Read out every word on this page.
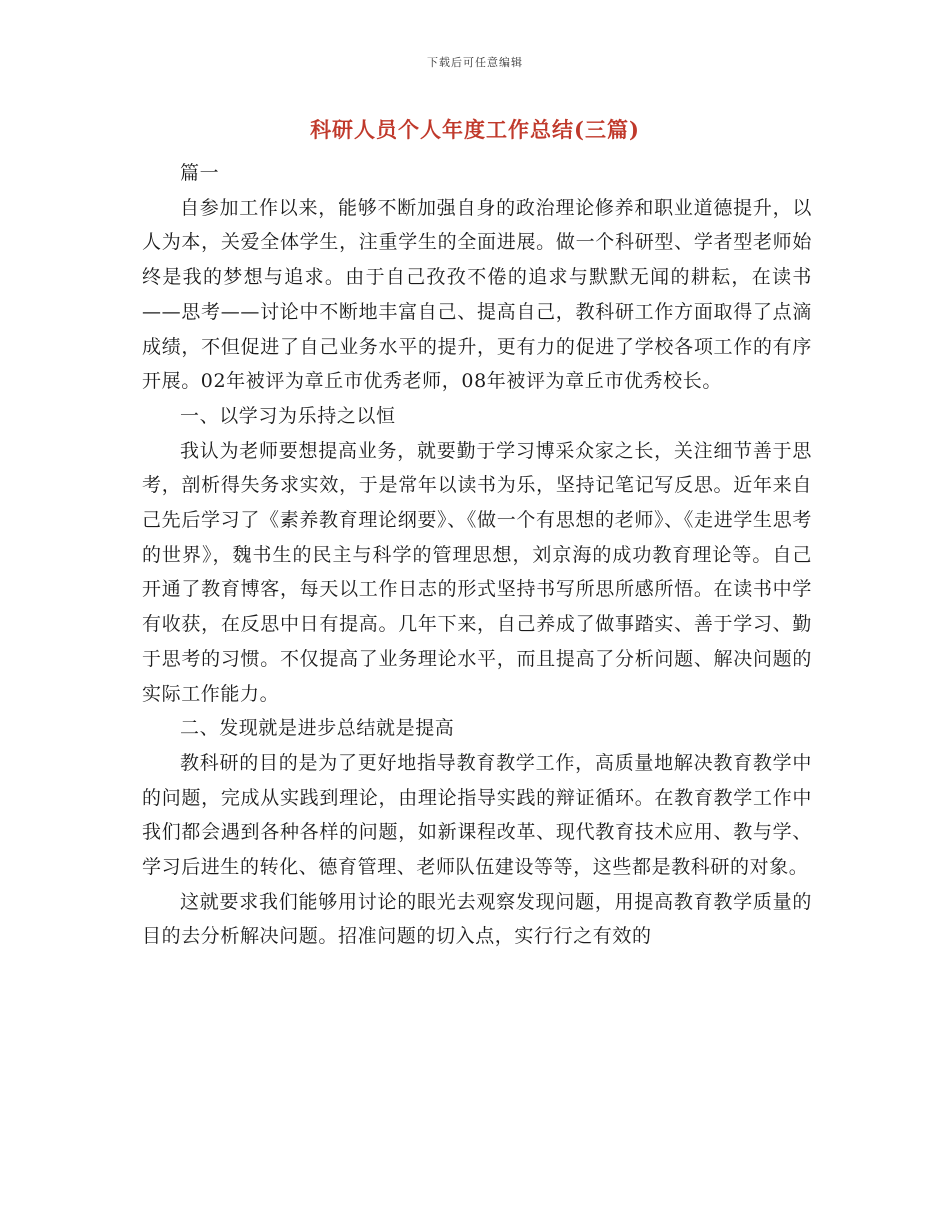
下载后可任意编辑
科研人员个人年度工作总结(三篇)

篇一

自参加工作以来，能够不断加强自身的政治理论修养和职业道德提升，以人为本，关爱全体学生，注重学生的全面进展。做一个科研型、学者型老师始终是我的梦想与追求。由于自己孜孜不倦的追求与默默无闻的耕耘，在读书——思考——讨论中不断地丰富自己、提高自己，教科研工作方面取得了点滴成绩，不但促进了自己业务水平的提升，更有力的促进了学校各项工作的有序开展。02年被评为章丘市优秀老师，08年被评为章丘市优秀校长。

一、以学习为乐持之以恒

我认为老师要想提高业务，就要勤于学习博采众家之长，关注细节善于思考，剖析得失务求实效，于是常年以读书为乐，坚持记笔记写反思。近年来自己先后学习了《素养教育理论纲要》、《做一个有思想的老师》、《走进学生思考的世界》，魏书生的民主与科学的管理思想，刘京海的成功教育理论等。自己开通了教育博客，每天以工作日志的形式坚持书写所思所感所悟。在读书中学有收获，在反思中日有提高。几年下来，自己养成了做事踏实、善于学习、勤于思考的习惯。不仅提高了业务理论水平，而且提高了分析问题、解决问题的实际工作能力。

二、发现就是进步总结就是提高

教科研的目的是为了更好地指导教育教学工作，高质量地解决教育教学中的问题，完成从实践到理论，由理论指导实践的辩证循环。在教育教学工作中我们都会遇到各种各样的问题，如新课程改革、现代教育技术应用、教与学、学习后进生的转化、德育管理、老师队伍建设等等，这些都是教科研的对象。

这就要求我们能够用讨论的眼光去观察发现问题，用提高教育教学质量的目的去分析解决问题。招准问题的切入点，实行行之有效的
